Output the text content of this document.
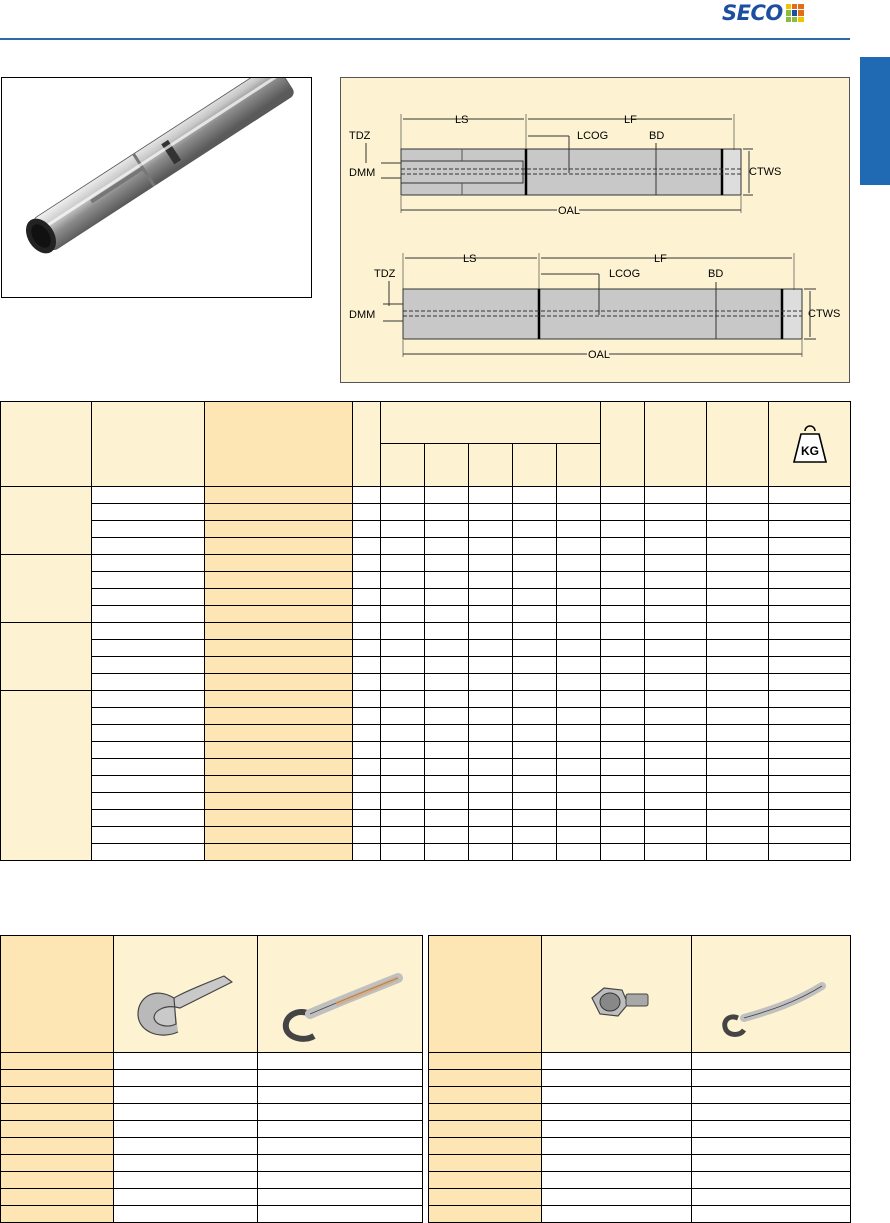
SECO
LS	LF
LCOG	BD
TDZ
DMM	CTWS
OAL
LS	LF
LCOG	BD
TDZ
DMM	CTWS
OAL

KG
